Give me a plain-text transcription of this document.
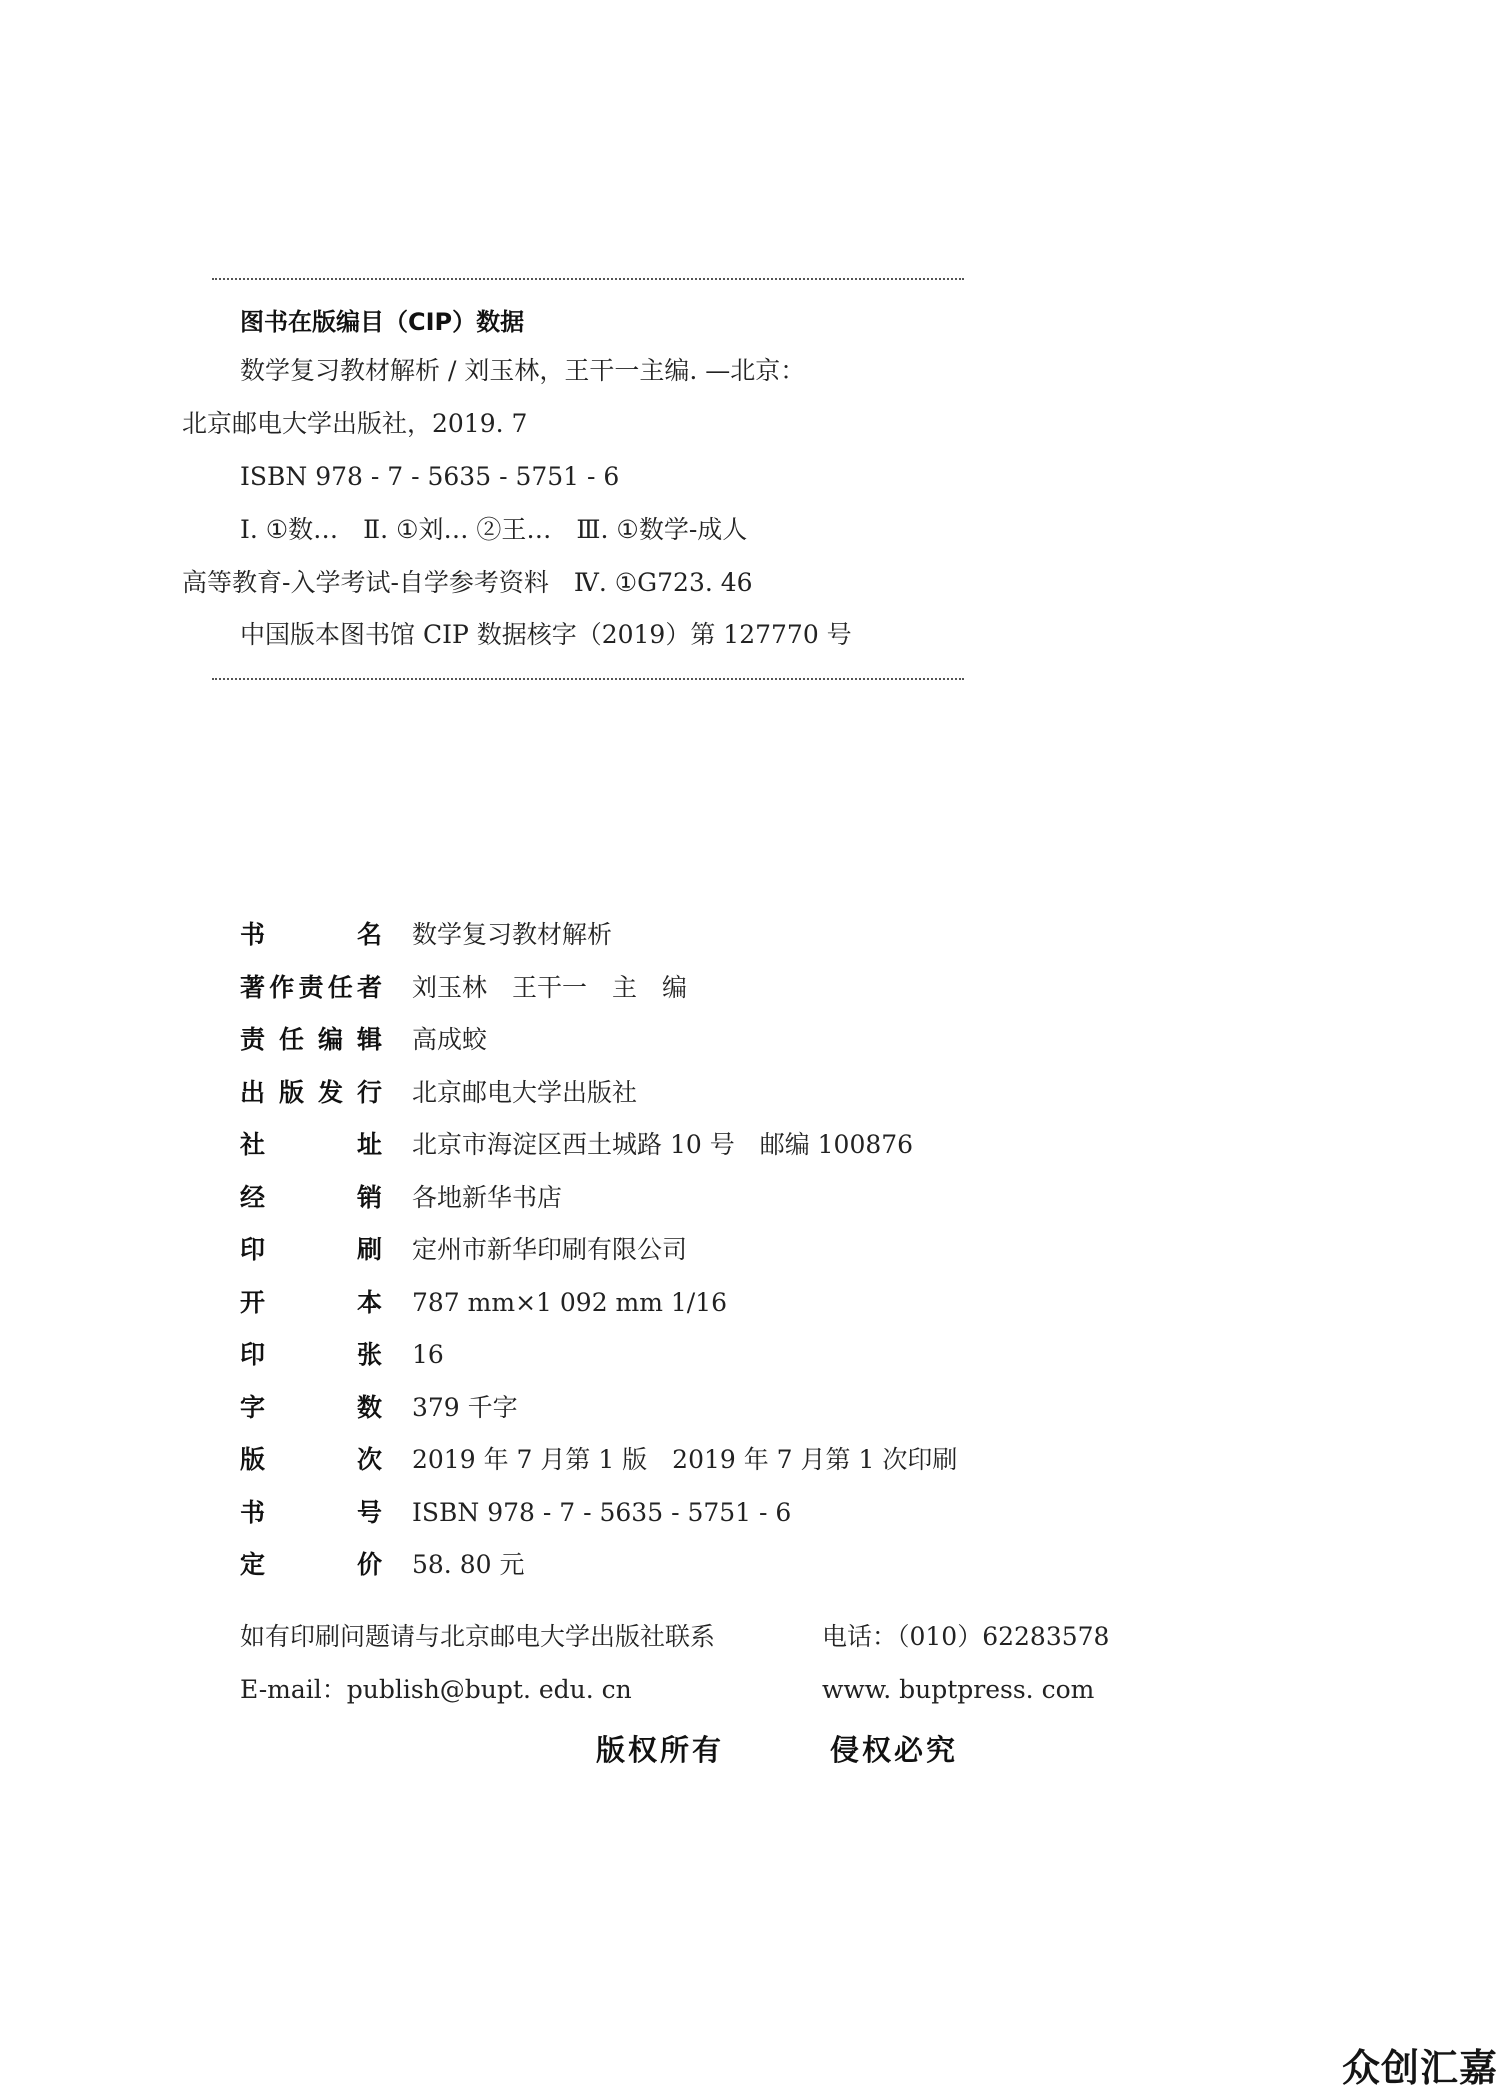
图书在版编目（CIP）数据
数学复习教材解析 / 刘玉林，王干一主编. —北京：
北京邮电大学出版社，2019. 7
ISBN 978 - 7 - 5635 - 5751 - 6
Ⅰ. ①数…　Ⅱ. ①刘… ②王…　Ⅲ. ①数学-成人
高等教育-入学考试-自学参考资料　Ⅳ. ①G723. 46
中国版本图书馆 CIP 数据核字（2019）第 127770 号
书名 数学复习教材解析
著作责任者 刘玉林　王干一　主　编
责任编辑 高成蛟
出版发行 北京邮电大学出版社
社址 北京市海淀区西土城路 10 号　邮编 100876
经销 各地新华书店
印刷 定州市新华印刷有限公司
开本 787 mm×1 092 mm 1/16
印张 16
字数 379 千字
版次 2019 年 7 月第 1 版　2019 年 7 月第 1 次印刷
书号 ISBN 978 - 7 - 5635 - 5751 - 6
定价 58. 80 元
如有印刷问题请与北京邮电大学出版社联系	电话：（010）62283578
E-mail：publish@bupt. edu. cn	www. buptpress. com
版权所有	侵权必究
众创汇嘉
